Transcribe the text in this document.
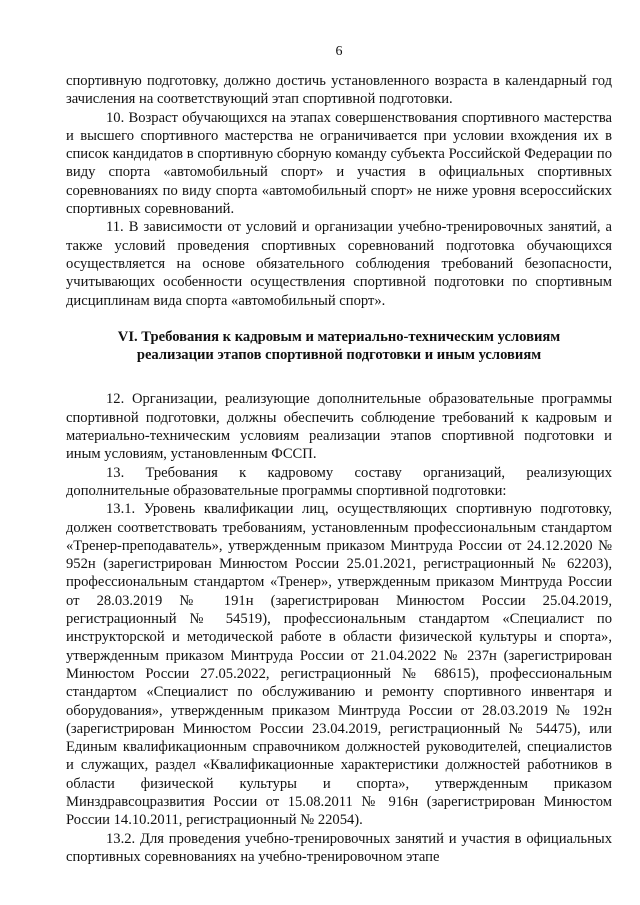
6

спортивную подготовку, должно достичь установленного возраста в календарный год зачисления на соответствующий этап спортивной подготовки.

10. Возраст обучающихся на этапах совершенствования спортивного мастерства и высшего спортивного мастерства не ограничивается при условии вхождения их в список кандидатов в спортивную сборную команду субъекта Российской Федерации по виду спорта «автомобильный спорт» и участия в официальных спортивных соревнованиях по виду спорта «автомобильный спорт» не ниже уровня всероссийских спортивных соревнований.

11. В зависимости от условий и организации учебно-тренировочных занятий, а также условий проведения спортивных соревнований подготовка обучающихся осуществляется на основе обязательного соблюдения требований безопасности, учитывающих особенности осуществления спортивной подготовки по спортивным дисциплинам вида спорта «автомобильный спорт».

VI. Требования к кадровым и материально-техническим условиям реализации этапов спортивной подготовки и иным условиям

12. Организации, реализующие дополнительные образовательные программы спортивной подготовки, должны обеспечить соблюдение требований к кадровым и материально-техническим условиям реализации этапов спортивной подготовки и иным условиям, установленным ФССП.

13. Требования к кадровому составу организаций, реализующих дополнительные образовательные программы спортивной подготовки:

13.1. Уровень квалификации лиц, осуществляющих спортивную подготовку, должен соответствовать требованиям, установленным профессиональным стандартом «Тренер-преподаватель», утвержденным приказом Минтруда России от 24.12.2020 № 952н (зарегистрирован Минюстом России 25.01.2021, регистрационный № 62203), профессиональным стандартом «Тренер», утвержденным приказом Минтруда России от 28.03.2019 № 191н (зарегистрирован Минюстом России 25.04.2019, регистрационный № 54519), профессиональным стандартом «Специалист по инструкторской и методической работе в области физической культуры и спорта», утвержденным приказом Минтруда России от 21.04.2022 № 237н (зарегистрирован Минюстом России 27.05.2022, регистрационный № 68615), профессиональным стандартом «Специалист по обслуживанию и ремонту спортивного инвентаря и оборудования», утвержденным приказом Минтруда России от 28.03.2019 № 192н (зарегистрирован Минюстом России 23.04.2019, регистрационный № 54475), или Единым квалификационным справочником должностей руководителей, специалистов и служащих, раздел «Квалификационные характеристики должностей работников в области физической культуры и спорта», утвержденным приказом Минздравсоцразвития России от 15.08.2011 № 916н (зарегистрирован Минюстом России 14.10.2011, регистрационный № 22054).

13.2. Для проведения учебно-тренировочных занятий и участия в официальных спортивных соревнованиях на учебно-тренировочном этапе
